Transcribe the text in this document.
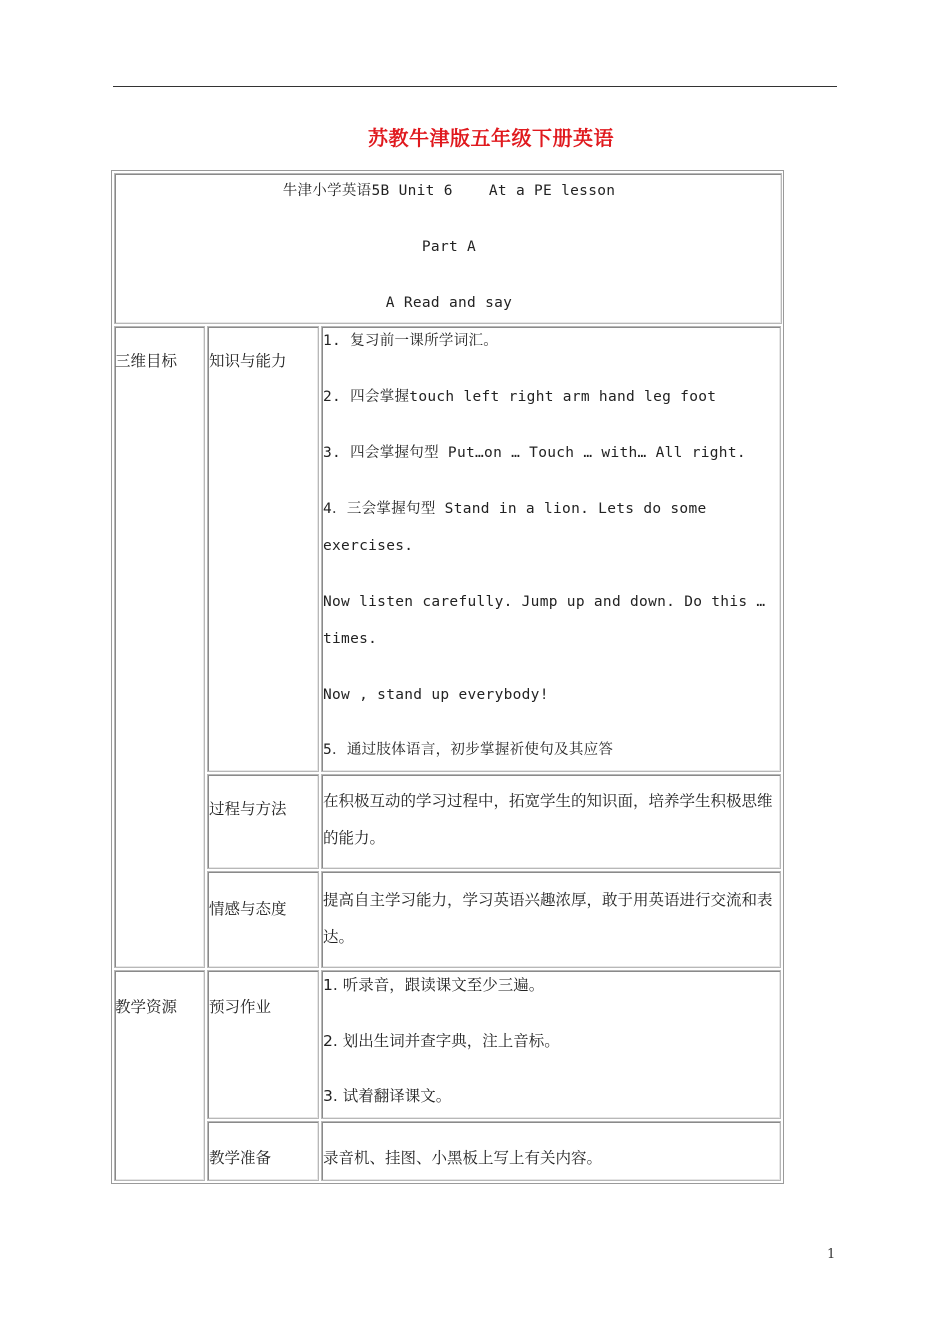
苏教牛津版五年级下册英语
牛津小学英语5B Unit 6    At a PE lesson
Part A
A Read and say
三维目标 知识与能力
1. 复习前一课所学词汇。
2. 四会掌握touch left right arm hand leg foot
3. 四会掌握句型 Put…on … Touch … with… All right.
4．三会掌握句型 Stand in a lion. Lets do some
exercises.
Now listen carefully. Jump up and down. Do this …
times.
Now , stand up everybody!
5．通过肢体语言，初步掌握祈使句及其应答
过程与方法 在积极互动的学习过程中，拓宽学生的知识面，培养学生积极思维的能力。
情感与态度 提高自主学习能力，学习英语兴趣浓厚，敢于用英语进行交流和表达。
教学资源 预习作业
1. 听录音，跟读课文至少三遍。
2. 划出生词并查字典，注上音标。
3. 试着翻译课文。
教学准备	录音机、挂图、小黑板上写上有关内容。
1
